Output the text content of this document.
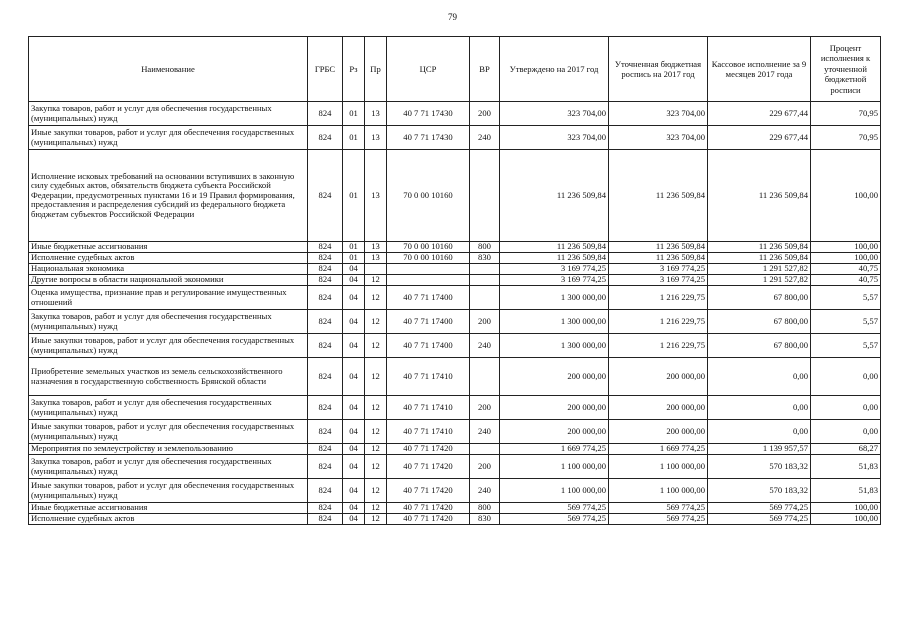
79
Наименование	ГРБС	Рз	Пр	ЦСР	ВР	Утверждено на 2017 год	Уточненная бюджетная роспись на 2017 год	Кассовое исполнение за 9 месяцев 2017 года	Процент исполнения к уточненной бюджетной росписи
Закупка товаров, работ и услуг для обеспечения государственных (муниципальных) нужд	824	01	13	40 7 71 17430	200	323 704,00	323 704,00	229 677,44	70,95
Иные закупки товаров, работ и услуг для обеспечения государственных (муниципальных) нужд	824	01	13	40 7 71 17430	240	323 704,00	323 704,00	229 677,44	70,95
Исполнение исковых требований на основании вступивших в законную силу судебных актов, обязательств бюджета субъекта Российской Федерации, предусмотренных пунктами 16 и 19 Правил формирования, предоставления и распределения субсидий из федерального бюджета бюджетам субъектов Российской Федерации	824	01	13	70 0 00 10160		11 236 509,84	11 236 509,84	11 236 509,84	100,00
Иные бюджетные ассигнования	824	01	13	70 0 00 10160	800	11 236 509,84	11 236 509,84	11 236 509,84	100,00
Исполнение судебных актов	824	01	13	70 0 00 10160	830	11 236 509,84	11 236 509,84	11 236 509,84	100,00
Национальная экономика	824	04				3 169 774,25	3 169 774,25	1 291 527,82	40,75
Другие вопросы в области национальной экономики	824	04	12			3 169 774,25	3 169 774,25	1 291 527,82	40,75
Оценка имущества, признание прав и регулирование имущественных отношений	824	04	12	40 7 71 17400		1 300 000,00	1 216 229,75	67 800,00	5,57
Закупка товаров, работ и услуг для обеспечения государственных (муниципальных) нужд	824	04	12	40 7 71 17400	200	1 300 000,00	1 216 229,75	67 800,00	5,57
Иные закупки товаров, работ и услуг для обеспечения государственных (муниципальных) нужд	824	04	12	40 7 71 17400	240	1 300 000,00	1 216 229,75	67 800,00	5,57
Приобретение земельных участков из земель сельскохозяйственного назначения в государственную собственность Брянской области	824	04	12	40 7 71 17410		200 000,00	200 000,00	0,00	0,00
Закупка товаров, работ и услуг для обеспечения государственных (муниципальных) нужд	824	04	12	40 7 71 17410	200	200 000,00	200 000,00	0,00	0,00
Иные закупки товаров, работ и услуг для обеспечения государственных (муниципальных) нужд	824	04	12	40 7 71 17410	240	200 000,00	200 000,00	0,00	0,00
Мероприятия по землеустройству и землепользованию	824	04	12	40 7 71 17420		1 669 774,25	1 669 774,25	1 139 957,57	68,27
Закупка товаров, работ и услуг для обеспечения государственных (муниципальных) нужд	824	04	12	40 7 71 17420	200	1 100 000,00	1 100 000,00	570 183,32	51,83
Иные закупки товаров, работ и услуг для обеспечения государственных (муниципальных) нужд	824	04	12	40 7 71 17420	240	1 100 000,00	1 100 000,00	570 183,32	51,83
Иные бюджетные ассигнования	824	04	12	40 7 71 17420	800	569 774,25	569 774,25	569 774,25	100,00
Исполнение судебных актов	824	04	12	40 7 71 17420	830	569 774,25	569 774,25	569 774,25	100,00
